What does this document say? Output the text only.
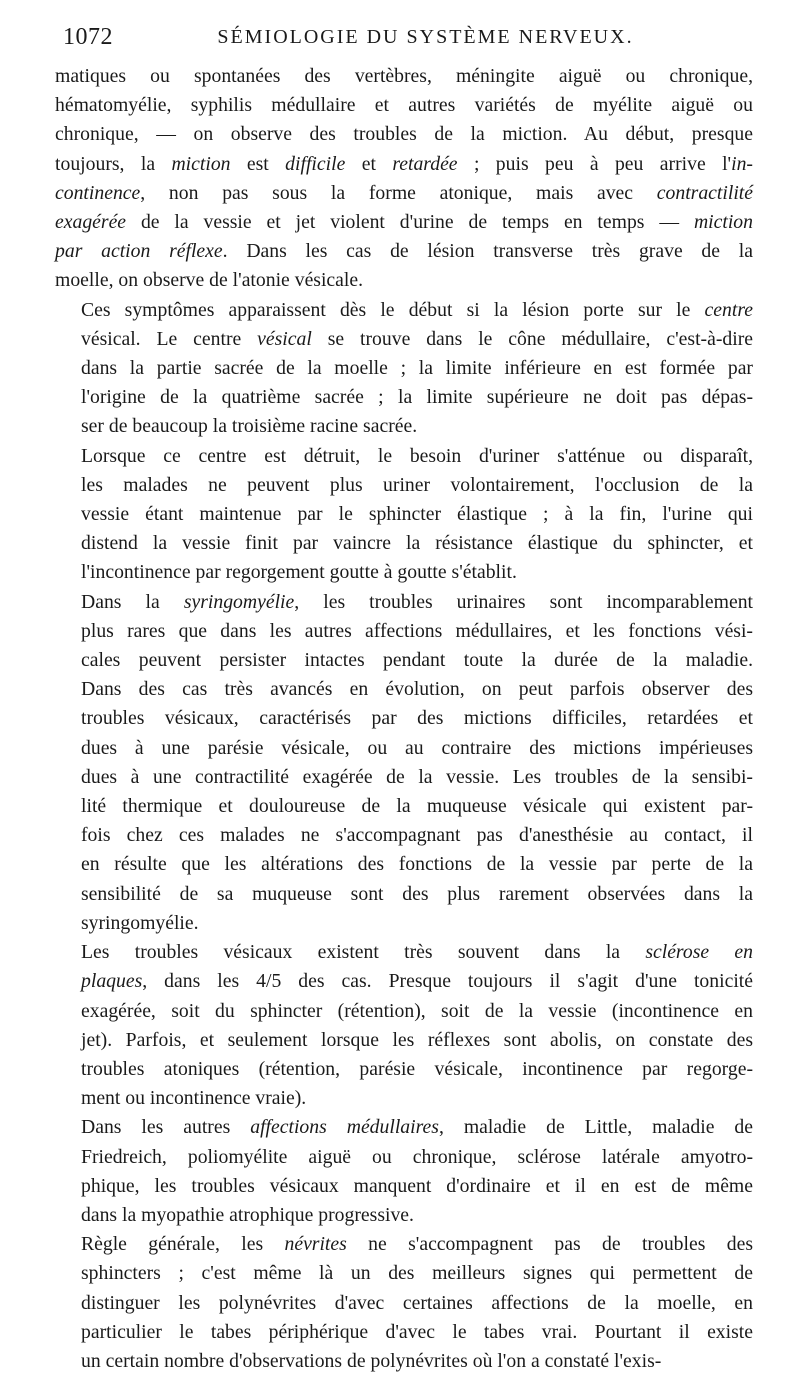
1072	SÉMIOLOGIE DU SYSTÈME NERVEUX.

matiques ou spontanées des vertèbres, méningite aiguë ou chronique,
hématomyélie, syphilis médullaire et autres variétés de myélite aiguë ou
chronique, — on observe des troubles de la miction. Au début, presque
toujours, la miction est difficile et retardée ; puis peu à peu arrive l'in-
continence, non pas sous la forme atonique, mais avec contractilité
exagérée de la vessie et jet violent d'urine de temps en temps — miction
par action réflexe. Dans les cas de lésion transverse très grave de la
moelle, on observe de l'atonie vésicale.

Ces symptômes apparaissent dès le début si la lésion porte sur le centre
vésical. Le centre vésical se trouve dans le cône médullaire, c'est-à-dire
dans la partie sacrée de la moelle ; la limite inférieure en est formée par
l'origine de la quatrième sacrée ; la limite supérieure ne doit pas dépas-
ser de beaucoup la troisième racine sacrée.

Lorsque ce centre est détruit, le besoin d'uriner s'atténue ou disparaît,
les malades ne peuvent plus uriner volontairement, l'occlusion de la
vessie étant maintenue par le sphincter élastique ; à la fin, l'urine qui
distend la vessie finit par vaincre la résistance élastique du sphincter, et
l'incontinence par regorgement goutte à goutte s'établit.

Dans la syringomyélie, les troubles urinaires sont incomparablement
plus rares que dans les autres affections médullaires, et les fonctions vési-
cales peuvent persister intactes pendant toute la durée de la maladie.
Dans des cas très avancés en évolution, on peut parfois observer des
troubles vésicaux, caractérisés par des mictions difficiles, retardées et
dues à une parésie vésicale, ou au contraire des mictions impérieuses
dues à une contractilité exagérée de la vessie. Les troubles de la sensibi-
lité thermique et douloureuse de la muqueuse vésicale qui existent par-
fois chez ces malades ne s'accompagnant pas d'anesthésie au contact, il
en résulte que les altérations des fonctions de la vessie par perte de la
sensibilité de sa muqueuse sont des plus rarement observées dans la
syringomyélie.

Les troubles vésicaux existent très souvent dans la sclérose en
plaques, dans les 4/5 des cas. Presque toujours il s'agit d'une tonicité
exagérée, soit du sphincter (rétention), soit de la vessie (incontinence en
jet). Parfois, et seulement lorsque les réflexes sont abolis, on constate des
troubles atoniques (rétention, parésie vésicale, incontinence par regorge-
ment ou incontinence vraie).

Dans les autres affections médullaires, maladie de Little, maladie de
Friedreich, poliomyélite aiguë ou chronique, sclérose latérale amyotro-
phique, les troubles vésicaux manquent d'ordinaire et il en est de même
dans la myopathie atrophique progressive.

Règle générale, les névrites ne s'accompagnent pas de troubles des
sphincters ; c'est même là un des meilleurs signes qui permettent de
distinguer les polynévrites d'avec certaines affections de la moelle, en
particulier le tabes périphérique d'avec le tabes vrai. Pourtant il existe
un certain nombre d'observations de polynévrites où l'on a constaté l'exis-
